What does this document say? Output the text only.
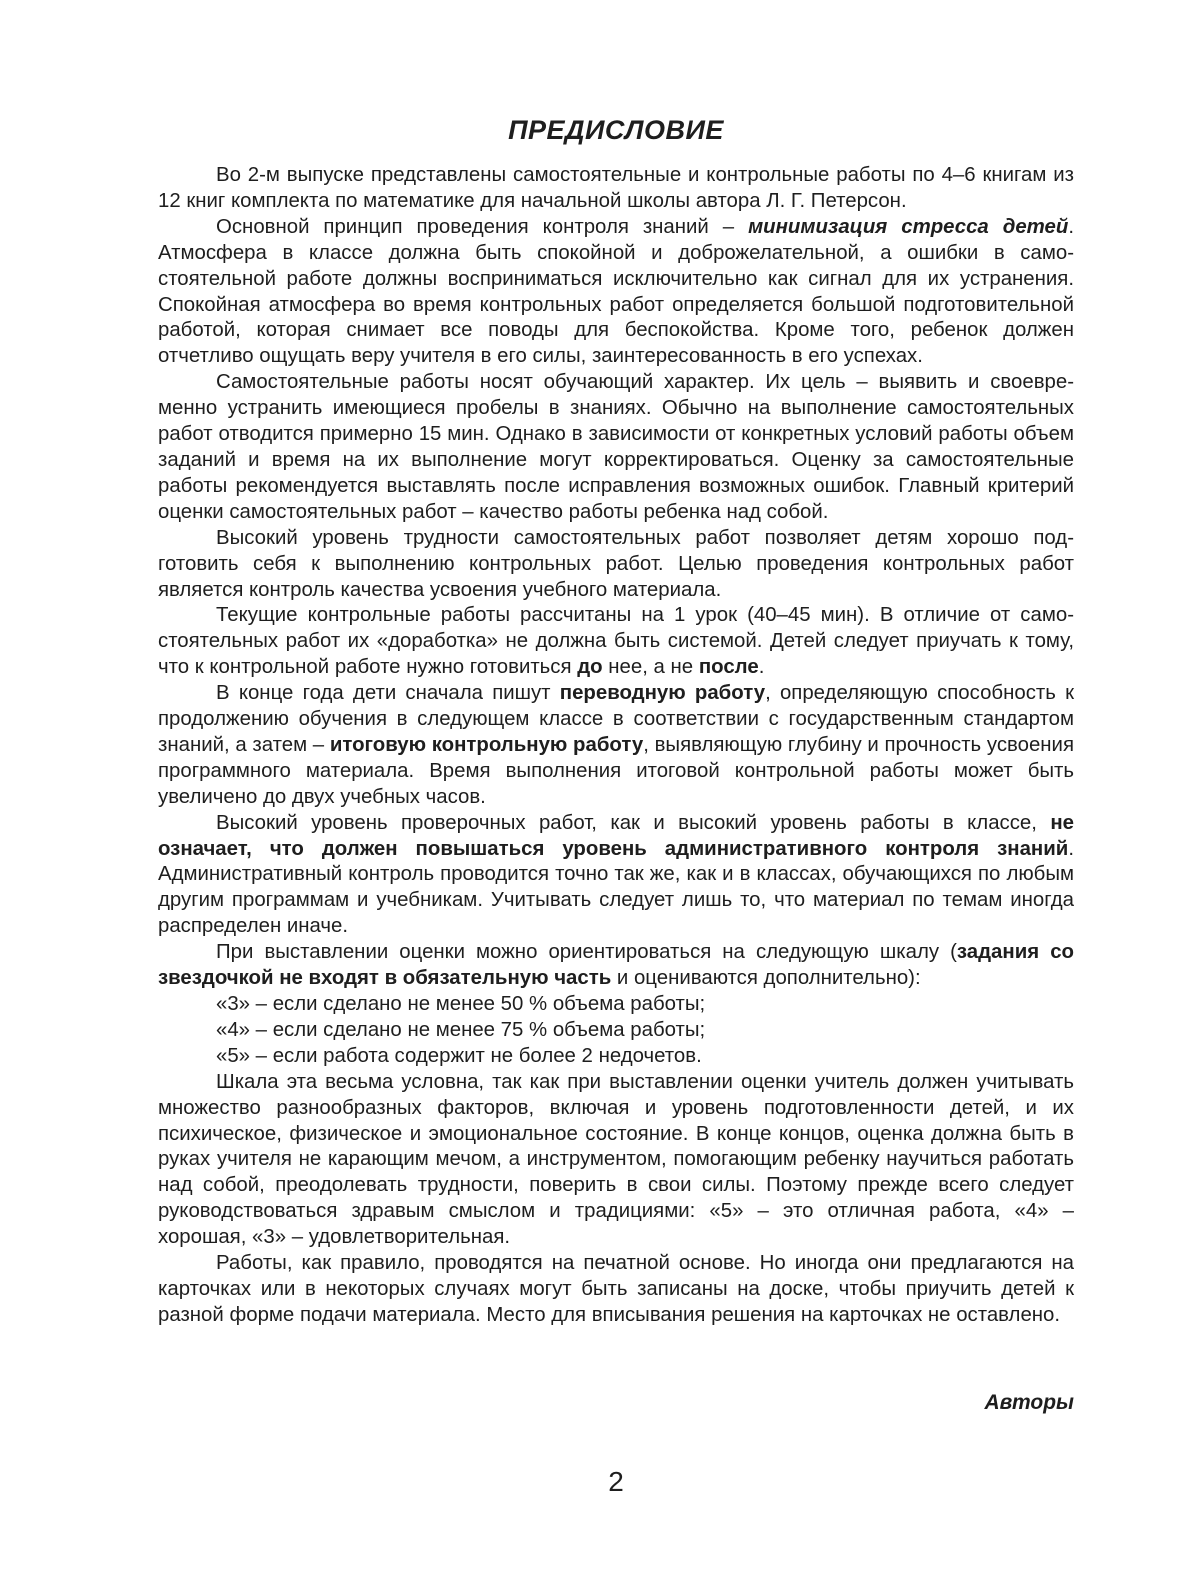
ПРЕДИСЛОВИЕ

Во 2-м выпуске представлены самостоятельные и контрольные работы по 4–6 книгам из 12 книг комплекта по математике для начальной школы автора Л. Г. Петерсон.

Основной принцип проведения контроля знаний – минимизация стресса детей. Атмосфера в классе должна быть спокойной и доброжелательной, а ошибки в самостоятельной работе должны восприниматься исключительно как сигнал для их устранения. Спокойная атмосфера во время контрольных работ определяется большой подготовительной работой, которая снимает все поводы для беспокойства. Кроме того, ребенок должен отчетливо ощущать веру учителя в его силы, заинтересованность в его успехах.

Самостоятельные работы носят обучающий характер. Их цель – выявить и своевременно устранить имеющиеся пробелы в знаниях. Обычно на выполнение самостоятельных работ отводится примерно 15 мин. Однако в зависимости от конкретных условий работы объем заданий и время на их выполнение могут корректироваться. Оценку за самостоятельные работы рекомендуется выставлять после исправления возможных ошибок. Главный критерий оценки самостоятельных работ – качество работы ребенка над собой.

Высокий уровень трудности самостоятельных работ позволяет детям хорошо подготовить себя к выполнению контрольных работ. Целью проведения контрольных работ является контроль качества усвоения учебного материала.

Текущие контрольные работы рассчитаны на 1 урок (40–45 мин). В отличие от самостоятельных работ их «доработка» не должна быть системой. Детей следует приучать к тому, что к контрольной работе нужно готовиться до нее, а не после.

В конце года дети сначала пишут переводную работу, определяющую способность к продолжению обучения в следующем классе в соответствии с государственным стандартом знаний, а затем – итоговую контрольную работу, выявляющую глубину и прочность усвоения программного материала. Время выполнения итоговой контрольной работы может быть увеличено до двух учебных часов.

Высокий уровень проверочных работ, как и высокий уровень работы в классе, не означает, что должен повышаться уровень административного контроля знаний. Административный контроль проводится точно так же, как и в классах, обучающихся по любым другим программам и учебникам. Учитывать следует лишь то, что материал по темам иногда распределен иначе.

При выставлении оценки можно ориентироваться на следующую шкалу (задания со звездочкой не входят в обязательную часть и оцениваются дополнительно):

«3» – если сделано не менее 50 % объема работы;

«4» – если сделано не менее 75 % объема работы;

«5» – если работа содержит не более 2 недочетов.

Шкала эта весьма условна, так как при выставлении оценки учитель должен учитывать множество разнообразных факторов, включая и уровень подготовленности детей, и их психическое, физическое и эмоциональное состояние. В конце концов, оценка должна быть в руках учителя не карающим мечом, а инструментом, помогающим ребенку научиться работать над собой, преодолевать трудности, поверить в свои силы. Поэтому прежде всего следует руководствоваться здравым смыслом и традициями: «5» – это отличная работа, «4» – хорошая, «3» – удовлетворительная.

Работы, как правило, проводятся на печатной основе. Но иногда они предлагаются на карточках или в некоторых случаях могут быть записаны на доске, чтобы приучить детей к разной форме подачи материала. Место для вписывания решения на карточках не оставлено.

Авторы
2
